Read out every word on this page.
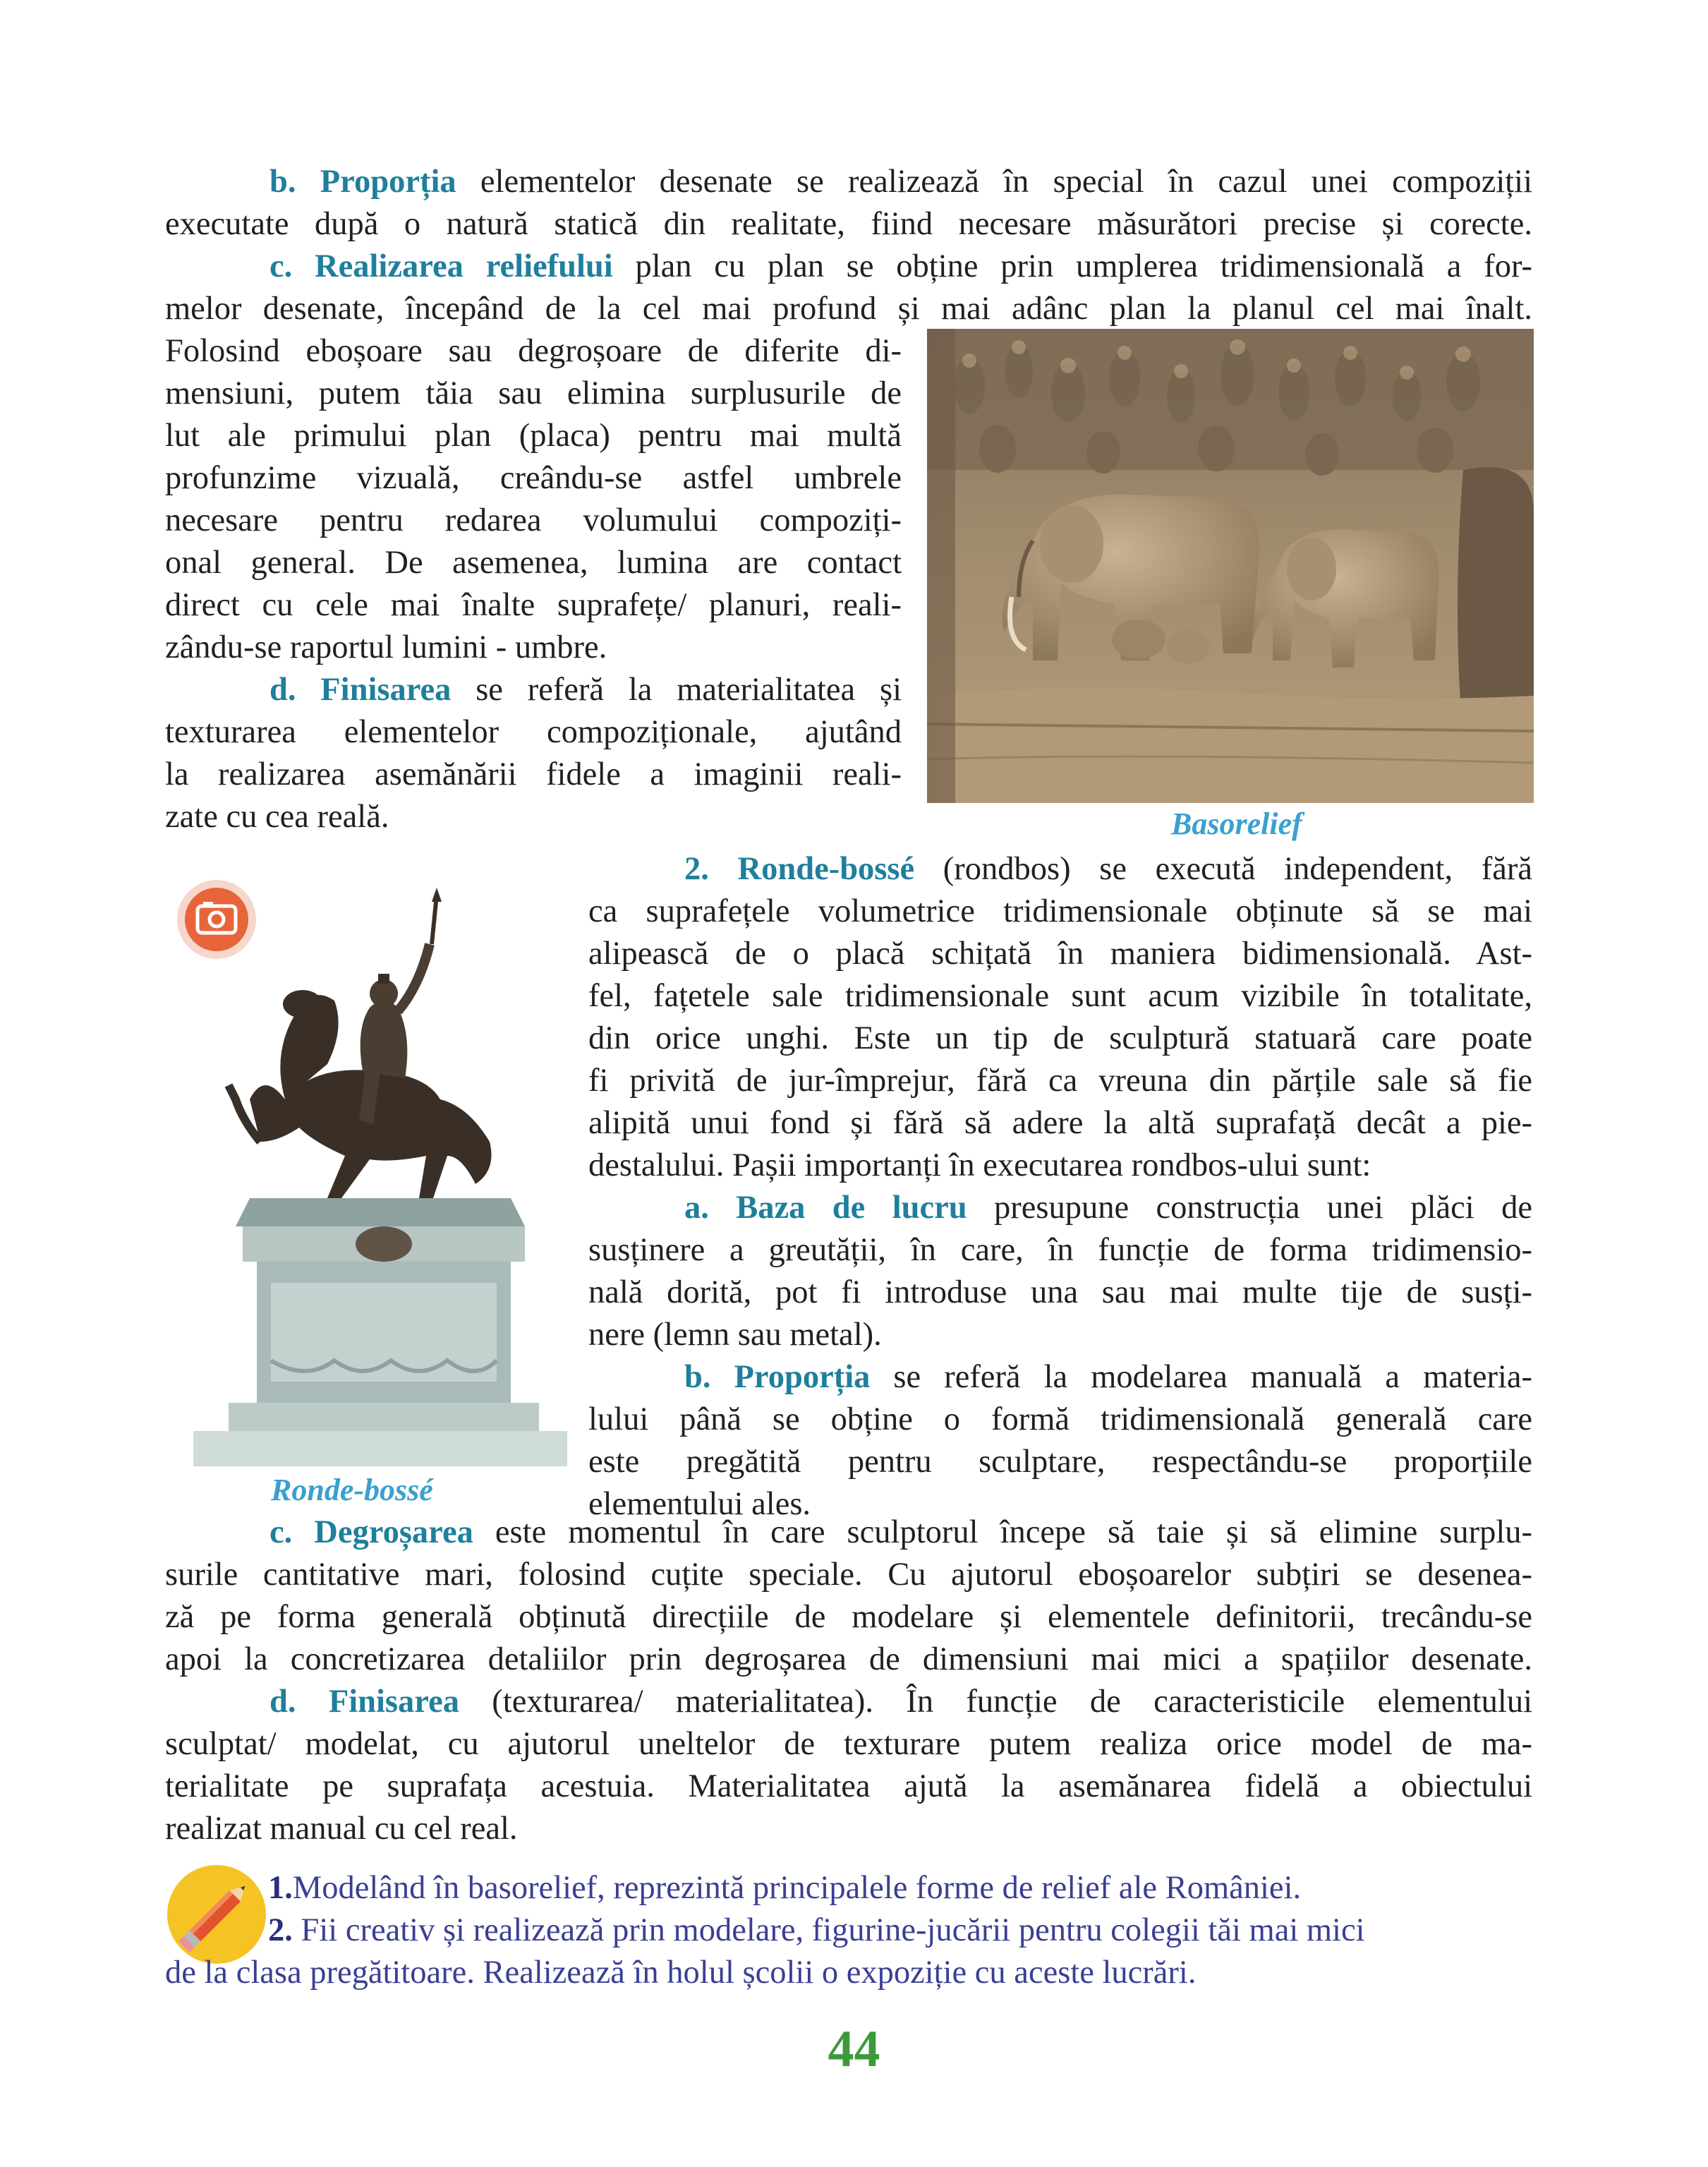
b. Proporția elementelor desenate se realizează în special în cazul unei compoziții
executate după o natură statică din realitate, fiind necesare măsurători precise și corecte.
c. Realizarea reliefului plan cu plan se obține prin umplerea tridimensională a for-
melor desenate, începând de la cel mai profund și mai adânc plan la planul cel mai înalt.
Folosind eboșoare sau degroșoare de diferite di-
mensiuni, putem tăia sau elimina surplusurile de
lut ale primului plan (placa) pentru mai multă
profunzime vizuală, creându-se astfel umbrele
necesare pentru redarea volumului compoziți-
onal general. De asemenea, lumina are contact
direct cu cele mai înalte suprafețe/ planuri, reali-
zându-se raportul lumini - umbre.
d. Finisarea se referă la materialitatea și
texturarea elementelor compoziționale, ajutând
la realizarea asemănării fidele a imaginii reali-
zate cu cea reală.	Basorelief
Ronde-bossé
2. Ronde-bossé (rondbos) se execută independent, fără
ca suprafețele volumetrice tridimensionale obținute să se mai
alipească de o placă schițată în maniera bidimensională. Ast-
fel, fațetele sale tridimensionale sunt acum vizibile în totalitate,
din orice unghi. Este un tip de sculptură statuară care poate
fi privită de jur-împrejur, fără ca vreuna din părțile sale să fie
alipită unui fond și fără să adere la altă suprafață decât a pie-
destalului. Pașii importanți în executarea rondbos-ului sunt:
a. Baza de lucru presupune construcția unei plăci de
susținere a greutății, în care, în funcție de forma tridimensio-
nală dorită, pot fi introduse una sau mai multe tije de susți-
nere (lemn sau metal).
b. Proporția se referă la modelarea manuală a materia-
lului până se obține o formă tridimensională generală care
este pregătită pentru sculptare, respectându-se proporțiile
elementului ales.
c. Degroșarea este momentul în care sculptorul începe să taie și să elimine surplu-
surile cantitative mari, folosind cuțite speciale. Cu ajutorul eboșoarelor subțiri se desenea-
ză pe forma generală obținută direcțiile de modelare și elementele definitorii, trecându-se
apoi la concretizarea detaliilor prin degroșarea de dimensiuni mai mici a spațiilor desenate.
d. Finisarea (texturarea/ materialitatea). În funcție de caracteristicile elementului
sculptat/ modelat, cu ajutorul uneltelor de texturare putem realiza orice model de ma-
terialitate pe suprafața acestuia. Materialitatea ajută la asemănarea fidelă a obiectului
realizat manual cu cel real.
1.Modelând în basorelief, reprezintă principalele forme de relief ale României.
2. Fii creativ și realizează prin modelare, figurine-jucării pentru colegii tăi mai mici
de la clasa pregătitoare. Realizează în holul școlii o expoziție cu aceste lucrări.
44
